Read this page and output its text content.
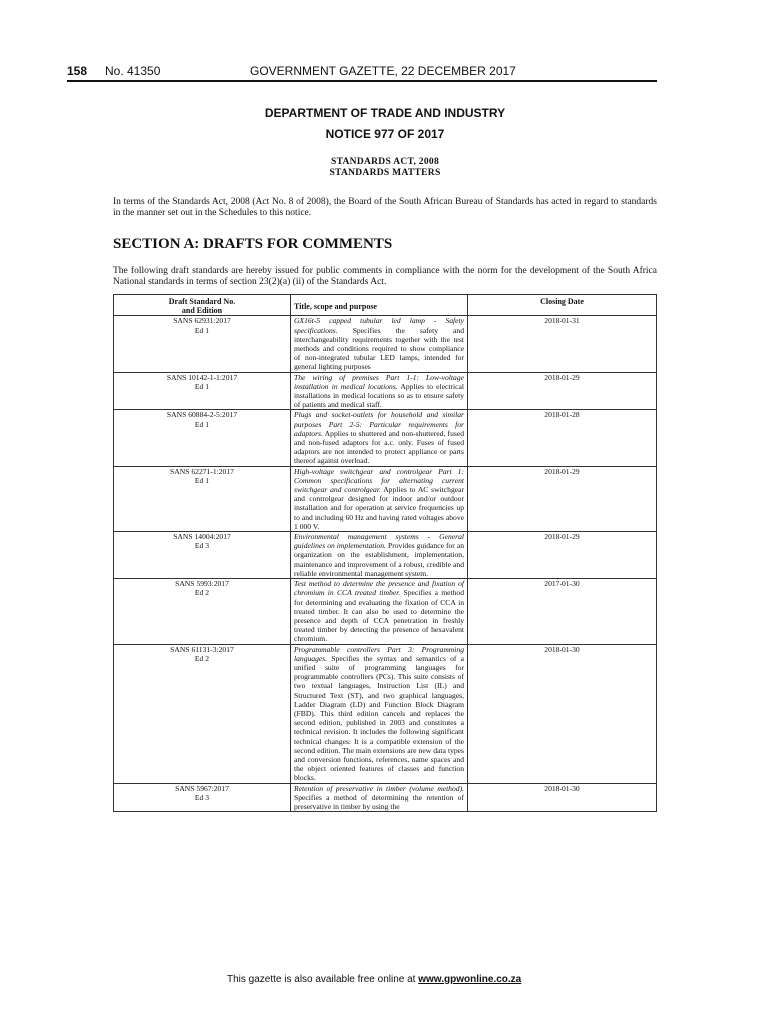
158 No. 41350	GOVERNMENT GAZETTE, 22 DECEMBER 2017
DEPARTMENT OF TRADE AND INDUSTRY
NOTICE 977 OF 2017
STANDARDS ACT, 2008
STANDARDS MATTERS
In terms of the Standards Act, 2008 (Act No. 8 of 2008), the Board of the South African Bureau of Standards has acted in regard to standards in the manner set out in the Schedules to this notice.
SECTION A: DRAFTS FOR COMMENTS
The following draft standards are hereby issued for public comments in compliance with the norm for the development of the South Africa National standards in terms of section 23(2)(a) (ii) of the Standards Act.
Draft Standard No.
and Edition	Title, scope and purpose	Closing Date

SANS 62931:2017
Ed 1	GX16t-5 capped tubular led lamp - Safety specifications. Specifies the safety and interchangeability requirements together with the test methods and conditions required to show compliance of non-integrated tubular LED lamps, intended for general lighting purposes	2018-01-31

SANS 10142-1-1:2017
Ed 1	The wiring of premises Part 1-1: Low-voltage installation in medical locations. Applies to electrical installations in medical locations so as to ensure safety of patients and medical staff.	2018-01-29

SANS 60884-2-5:2017
Ed 1	Plugs and socket-outlets for household and similar purposes Part 2-5: Particular requirements for adaptors. Applies to shuttered and non-shuttered, fused and non-fused adaptors for a.c. only. Fuses of fused adaptors are not intended to protect appliance or parts thereof against overload.	2018-01-28

SANS 62271-1:2017
Ed 1	High-voltage switchgear and controlgear Part 1: Common specifications for alternating current switchgear and controlgear. Applies to AC switchgear and controlgear designed for indoor and/or outdoor installation and for operation at service frequencies up to and including 60 Hz and having rated voltages above 1 000 V.	2018-01-29

SANS 14004:2017
Ed 3	Environmental management systems - General guidelines on implementation. Provides guidance for an organization on the establishment, implementation, maintenance and improvement of a robust, credible and reliable environmental management system.	2018-01-29

SANS 5993:2017
Ed 2	Test method to determine the presence and fixation of chromium in CCA treated timber. Specifies a method for determining and evaluating the fixation of CCA in treated timber. It can also be used to determine the presence and depth of CCA penetration in freshly treated timber by detecting the presence of hexavalent chromium.	2017-01-30

SANS 61131-3:2017
Ed 2	Programmable controllers Part 3: Programming languages. Specifies the syntax and semantics of a unified suite of programming languages for programmable controllers (PCs). This suite consists of two textual languages, Instruction List (IL) and Structured Text (ST), and two graphical languages, Ladder Diagram (LD) and Function Block Diagram (FBD). This third edition cancels and replaces the second edition, published in 2003 and constitutes a technical revision. It includes the following significant technical changes: It is a compatible extension of the second edition. The main extensions are new data types and conversion functions, references, name spaces and the object oriented features of classes and function blocks.	2018-01-30

SANS 5967:2017
Ed 3	Retention of preservative in timber (volume method). Specifies a method of determining the retention of preservative in timber by using the	2018-01-30
This gazette is also available free online at www.gpwonline.co.za
